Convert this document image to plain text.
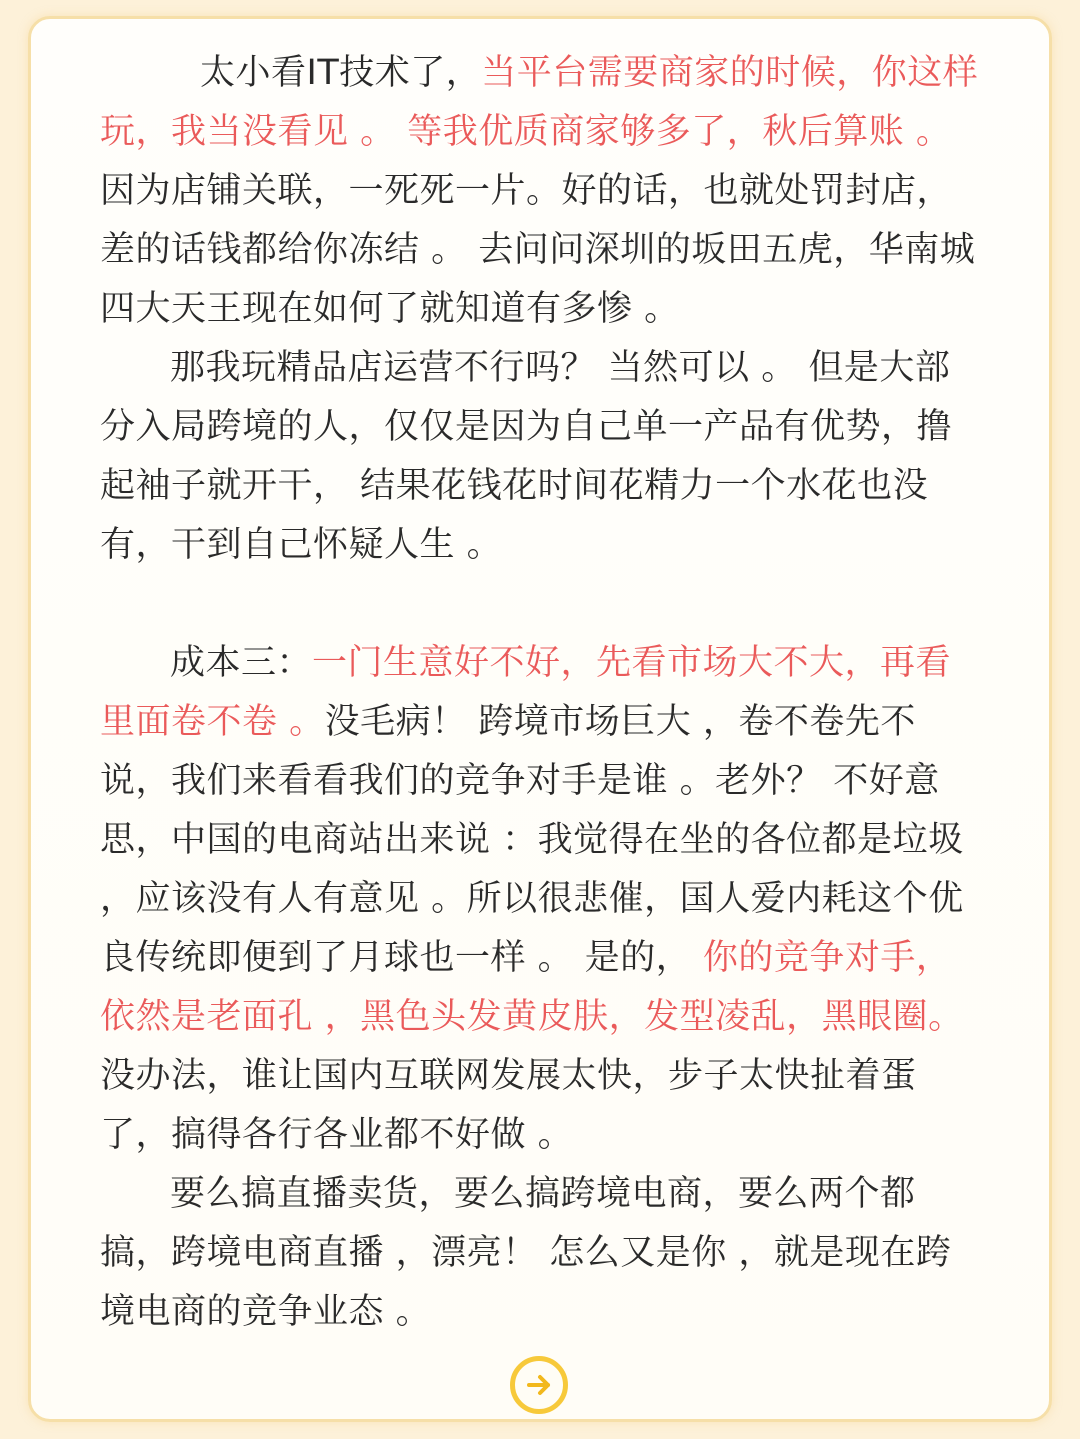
太小看IT技术了，当平台需要商家的时候，你这样玩，我当没看见 。 等我优质商家够多了，秋后算账 。 因为店铺关联，一死死一片。好的话，也就处罚封店，差的话钱都给你冻结 。 去问问深圳的坂田五虎，华南城四大天王现在如何了就知道有多惨 。

那我玩精品店运营不行吗？ 当然可以 。 但是大部分入局跨境的人，仅仅是因为自己单一产品有优势，撸起袖子就开干， 结果花钱花时间花精力一个水花也没有，干到自己怀疑人生 。

成本三：一门生意好不好，先看市场大不大，再看里面卷不卷 。没毛病！ 跨境市场巨大 ，卷不卷先不说，我们来看看我们的竞争对手是谁 。老外？ 不好意思，中国的电商站出来说 ：我觉得在坐的各位都是垃圾 ，应该没有人有意见 。所以很悲催，国人爱内耗这个优良传统即便到了月球也一样 。 是的， 你的竞争对手，依然是老面孔 ，黑色头发黄皮肤，发型凌乱，黑眼圈。没办法，谁让国内互联网发展太快，步子太快扯着蛋了，搞得各行各业都不好做 。

要么搞直播卖货，要么搞跨境电商，要么两个都搞，跨境电商直播 ，漂亮！ 怎么又是你 ，就是现在跨境电商的竞争业态 。
